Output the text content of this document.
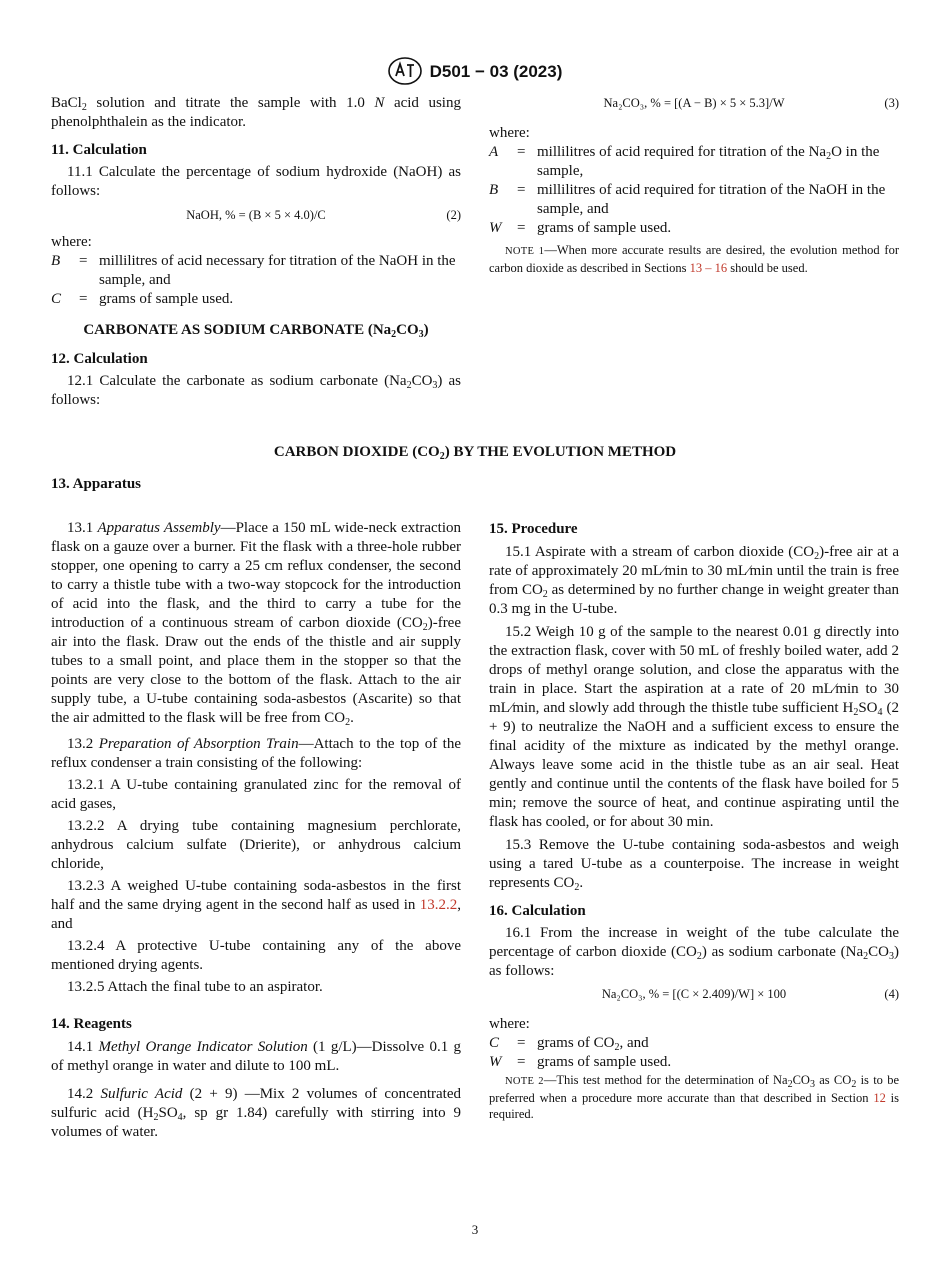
D501 − 03 (2023)

BaCl$_2$ solution and titrate the sample with 1.0 N acid using phenolphthalein as the indicator.

11. Calculation

11.1 Calculate the percentage of sodium hydroxide (NaOH) as follows:

NaOH, % = (B × 5 × 4.0)/C	(2)
where:
B	= millilitres of acid necessary for titration of the NaOH in the sample, and
C	= grams of sample used.
CARBONATE AS SODIUM CARBONATE $(Na_2CO_3)$
12. Calculation

12.1 Calculate the carbonate as sodium carbonate $(Na_2CO_3)$ as follows:

Na₂CO₃, % = [(A − B) × 5 × 5.3]/W	(3)
where:
A	= millilitres of acid required for titration of the $Na_2O$ in the sample,
B	= millilitres of acid required for titration of the NaOH in the sample, and
W	= grams of sample used.
NOTE 1—When more accurate results are desired, the evolution method for carbon dioxide as described in Sections 13 – 16 should be used.
CARBON DIOXIDE $(CO_2)$ BY THE EVOLUTION METHOD
13. Apparatus

13.1 Apparatus Assembly—Place a 150 mL wide-neck extraction flask on a gauze over a burner. Fit the flask with a three-hole rubber stopper, one opening to carry a 25 cm reflux condenser, the second to carry a thistle tube with a two-way stopcock for the introduction of acid into the flask, and the third to carry a tube for the introduction of a continuous stream of carbon dioxide $(CO_2)$-free air into the flask. Draw out the ends of the thistle and air supply tubes to a small point, and place them in the stopper so that the points are very close to the bottom of the flask. Attach to the air supply tube, a U-tube containing soda-asbestos (Ascarite) so that the air admitted to the flask will be free from $CO_2$.

13.2 Preparation of Absorption Train—Attach to the top of the reflux condenser a train consisting of the following:

13.2.1 A U-tube containing granulated zinc for the removal of acid gases,

13.2.2 A drying tube containing magnesium perchlorate, anhydrous calcium sulfate (Drierite), or anhydrous calcium chloride,

13.2.3 A weighed U-tube containing soda-asbestos in the first half and the same drying agent in the second half as used in 13.2.2, and

13.2.4 A protective U-tube containing any of the above mentioned drying agents.

13.2.5 Attach the final tube to an aspirator.

14. Reagents

14.1 Methyl Orange Indicator Solution (1 g/L)—Dissolve 0.1 g of methyl orange in water and dilute to 100 mL.

14.2 Sulfuric Acid (2 + 9) —Mix 2 volumes of concentrated sulfuric acid ($H_2SO_4$, sp gr 1.84) carefully with stirring into 9 volumes of water.

15. Procedure

15.1 Aspirate with a stream of carbon dioxide $(CO_2)$-free air at a rate of approximately 20 mL⁄min to 30 mL⁄min until the train is free from $CO_2$ as determined by no further change in weight greater than 0.3 mg in the U-tube.

15.2 Weigh 10 g of the sample to the nearest 0.01 g directly into the extraction flask, cover with 50 mL of freshly boiled water, add 2 drops of methyl orange solution, and close the apparatus with the train in place. Start the aspiration at a rate of 20 mL⁄min to 30 mL⁄min, and slowly add through the thistle tube sufficient $H_2SO_4$ (2 + 9) to neutralize the NaOH and a sufficient excess to ensure the final acidity of the mixture as indicated by the methyl orange. Always leave some acid in the thistle tube as an air seal. Heat gently and continue until the contents of the flask have boiled for 5 min; remove the source of heat, and continue aspirating until the flask has cooled, or for about 30 min.

15.3 Remove the U-tube containing soda-asbestos and weigh using a tared U-tube as a counterpoise. The increase in weight represents $CO_2$.

16. Calculation

16.1 From the increase in weight of the tube calculate the percentage of carbon dioxide $(CO_2)$ as sodium carbonate $(Na_2CO_3)$ as follows:

Na₂CO₃, % = [(C × 2.409)/W] × 100	(4)
where:
C	= grams of $CO_2$, and
W	= grams of sample used.
NOTE 2—This test method for the determination of $Na_2CO_3$ as $CO_2$ is to be preferred when a procedure more accurate than that described in Section 12 is required.
3
